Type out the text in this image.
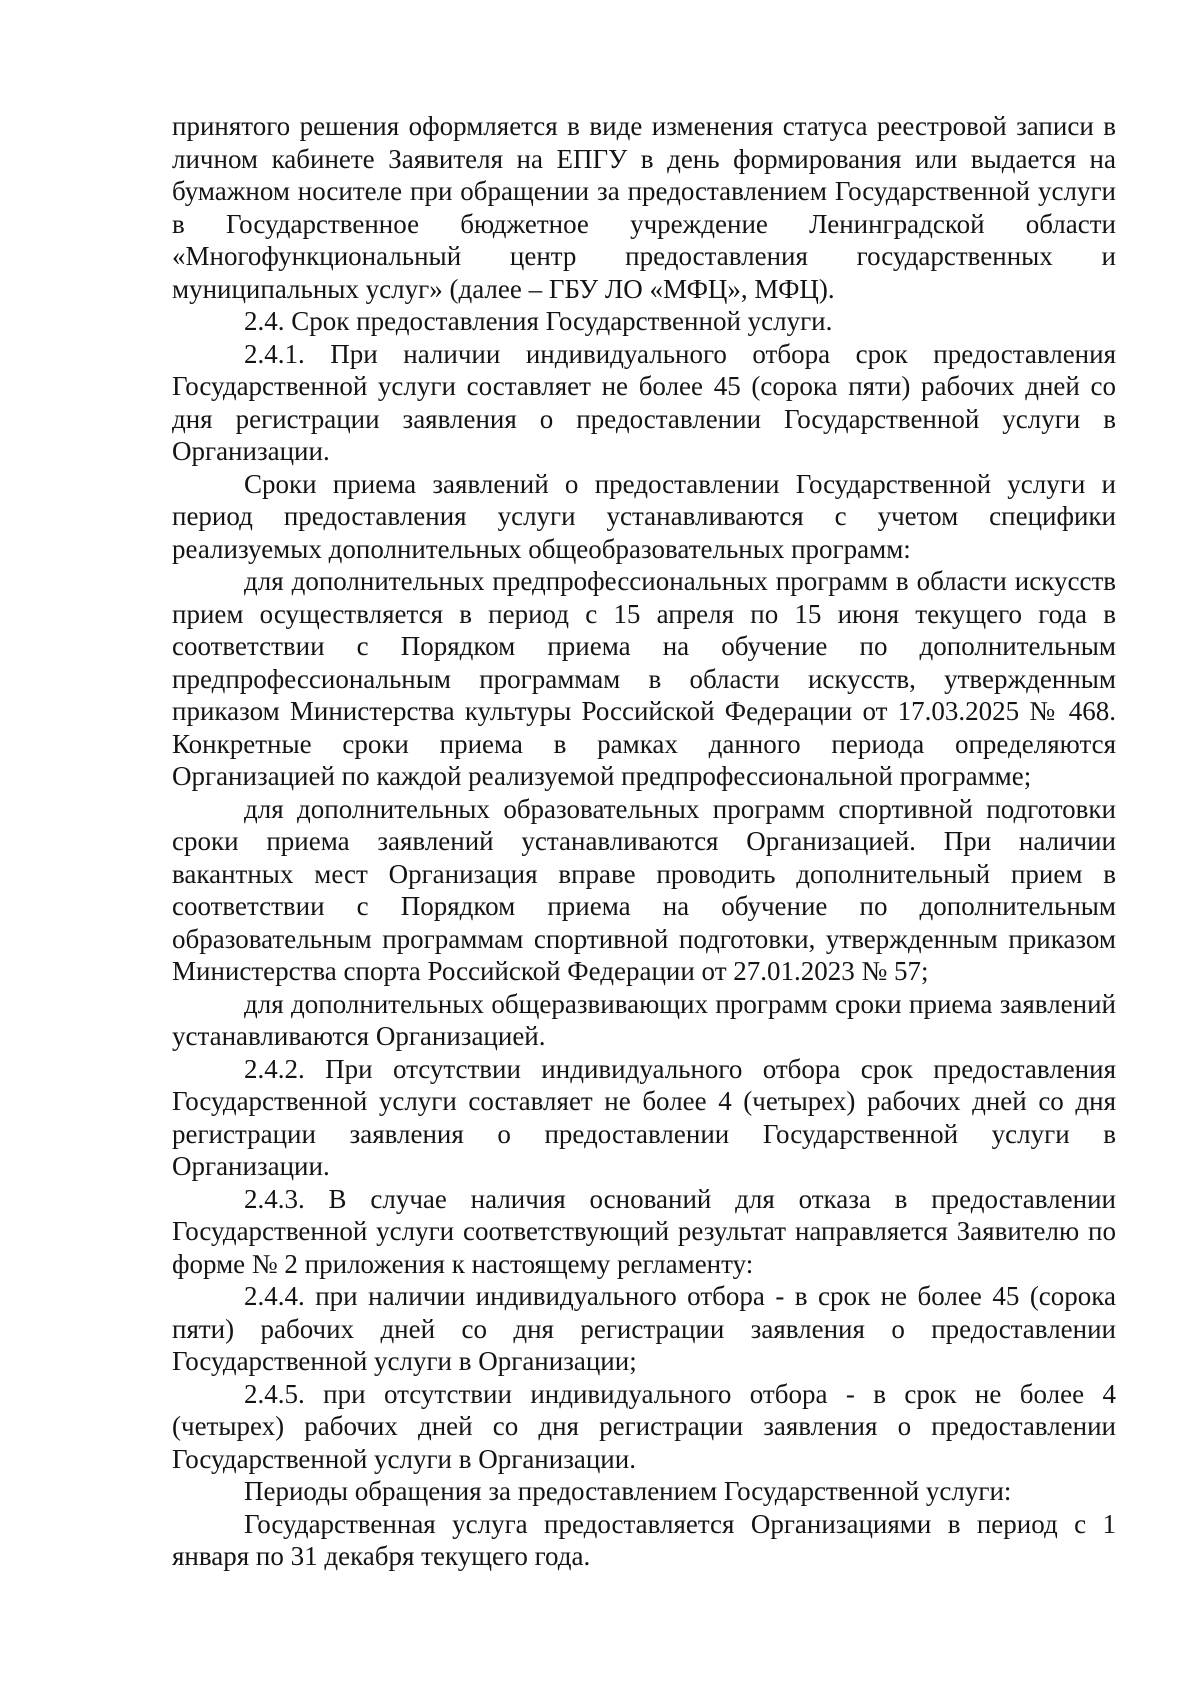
принятого решения оформляется в виде изменения статуса реестровой записи в личном кабинете Заявителя на ЕПГУ в день формирования или выдается на бумажном носителе при обращении за предоставлением Государственной услуги в Государственное бюджетное учреждение Ленинградской области «Многофункциональный центр предоставления государственных и муниципальных услуг» (далее – ГБУ ЛО «МФЦ», МФЦ).

2.4. Срок предоставления Государственной услуги.

2.4.1. При наличии индивидуального отбора срок предоставления Государственной услуги составляет не более 45 (сорока пяти) рабочих дней со дня регистрации заявления о предоставлении Государственной услуги в Организации.

Сроки приема заявлений о предоставлении Государственной услуги и период предоставления услуги устанавливаются с учетом специфики реализуемых дополнительных общеобразовательных программ:

для дополнительных предпрофессиональных программ в области искусств прием осуществляется в период с 15 апреля по 15 июня текущего года в соответствии с Порядком приема на обучение по дополнительным предпрофессиональным программам в области искусств, утвержденным приказом Министерства культуры Российской Федерации от 17.03.2025 № 468. Конкретные сроки приема в рамках данного периода определяются Организацией по каждой реализуемой предпрофессиональной программе;

для дополнительных образовательных программ спортивной подготовки сроки приема заявлений устанавливаются Организацией. При наличии вакантных мест Организация вправе проводить дополнительный прием в соответствии с Порядком приема на обучение по дополнительным образовательным программам спортивной подготовки, утвержденным приказом Министерства спорта Российской Федерации от 27.01.2023 № 57;

для дополнительных общеразвивающих программ сроки приема заявлений устанавливаются Организацией.

2.4.2. При отсутствии индивидуального отбора срок предоставления Государственной услуги составляет не более 4 (четырех) рабочих дней со дня регистрации заявления о предоставлении Государственной услуги в Организации.

2.4.3. В случае наличия оснований для отказа в предоставлении Государственной услуги соответствующий результат направляется Заявителю по форме № 2 приложения к настоящему регламенту:

2.4.4. при наличии индивидуального отбора - в срок не более 45 (сорока пяти) рабочих дней со дня регистрации заявления о предоставлении Государственной услуги в Организации;

2.4.5. при отсутствии индивидуального отбора - в срок не более 4 (четырех) рабочих дней со дня регистрации заявления о предоставлении Государственной услуги в Организации.

Периоды обращения за предоставлением Государственной услуги:

Государственная услуга предоставляется Организациями в период с 1 января по 31 декабря текущего года.
